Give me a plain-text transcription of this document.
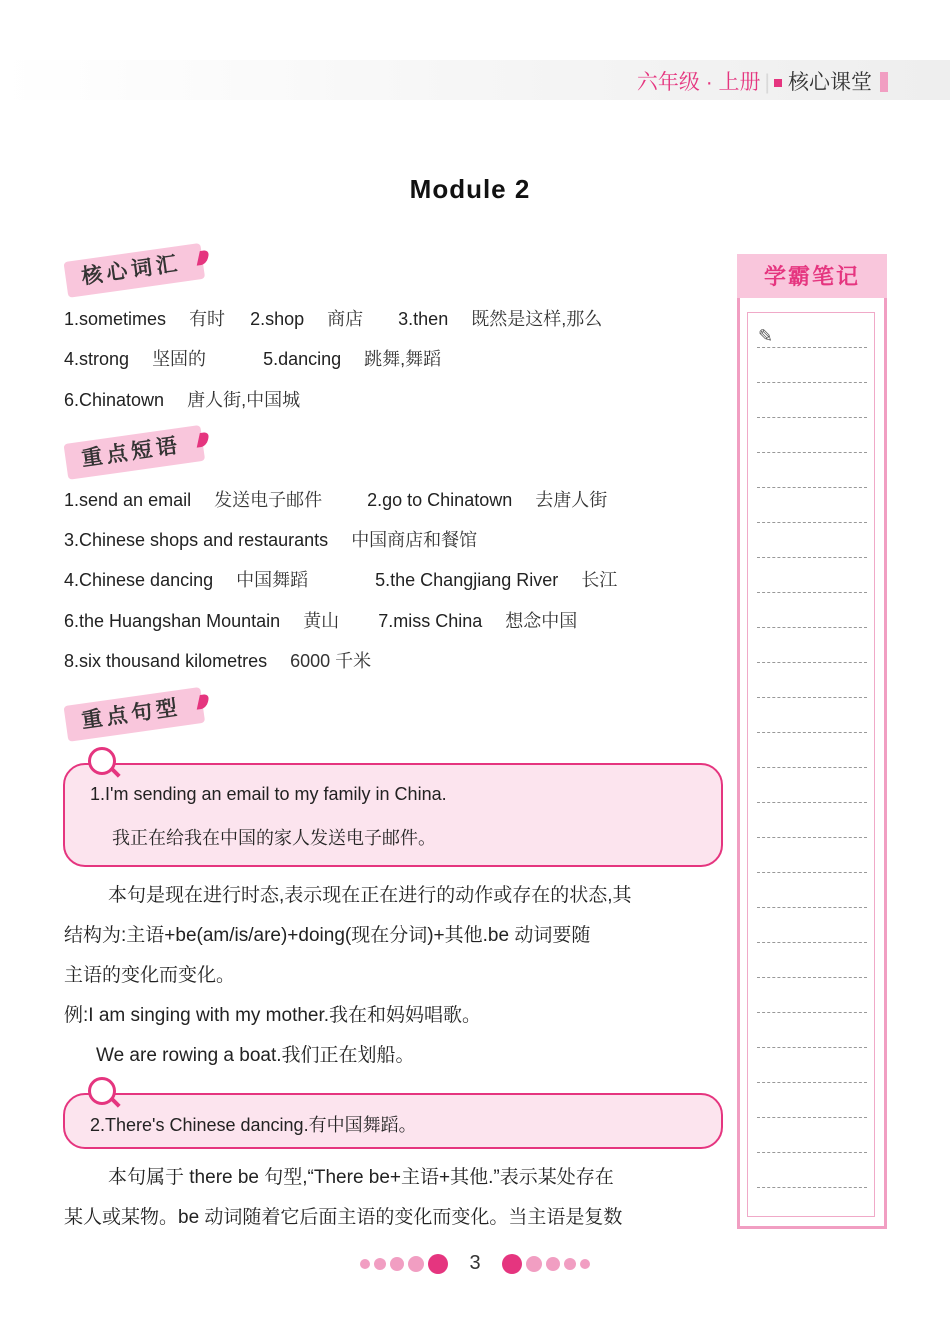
六年级 · 上册 | 核心课堂
Module 2
核心词汇
1.sometimes 有时 2.shop 商店 3.then 既然是这样,那么
4.strong 坚固的	5.dancing 跳舞,舞蹈
6.Chinatown 唐人街,中国城
重点短语
1.send an email 发送电子邮件	2.go to Chinatown 去唐人街
3.Chinese shops and restaurants 中国商店和餐馆
4.Chinese dancing 中国舞蹈	5.the Changjiang River 长江
6.the Huangshan Mountain 黄山 7.miss China 想念中国
8.six thousand kilometres 6000 千米
重点句型
1.I'm sending an email to my family in China.
我正在给我在中国的家人发送电子邮件。
本句是现在进行时态,表示现在正在进行的动作或存在的状态,其
结构为:主语+be(am/is/are)+doing(现在分词)+其他.be 动词要随
主语的变化而变化。
例:I am singing with my mother.我在和妈妈唱歌。
We are rowing a boat.我们正在划船。
2.There's Chinese dancing.有中国舞蹈。
本句属于 there be 句型,“There be+主语+其他.”表示某处存在
某人或某物。be 动词随着它后面主语的变化而变化。当主语是复数
学霸笔记
✎
3
